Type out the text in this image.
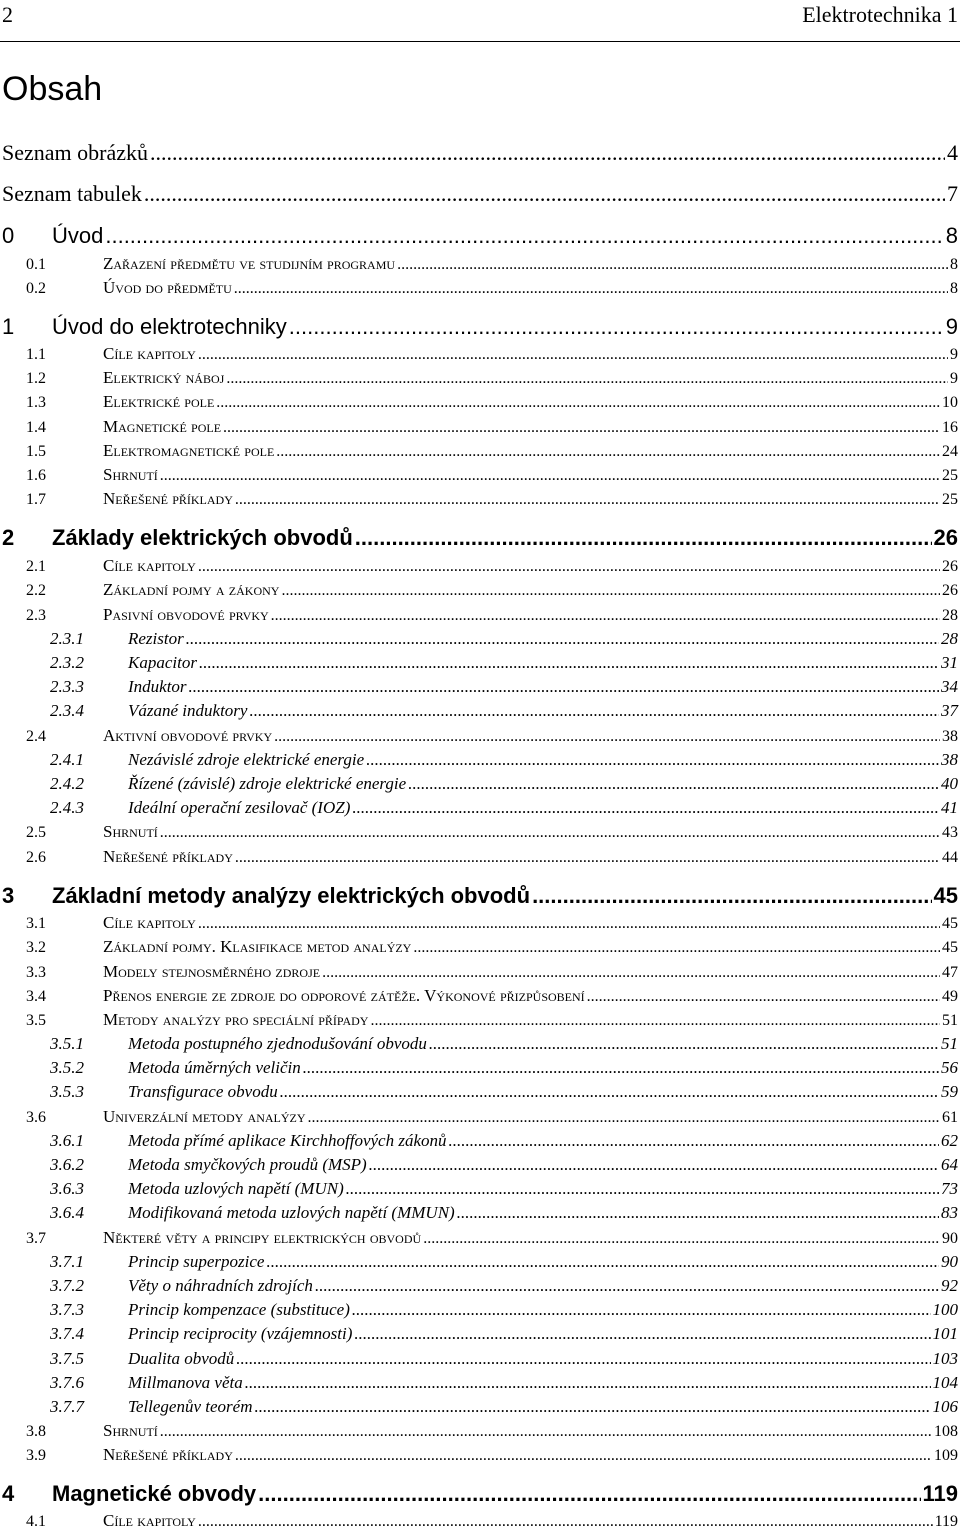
2	Elektrotechnika 1
Obsah
Seznam obrázků .....	4
Seznam tabulek .....	7
0	Úvod .....	8
0.1	Zařazení předmětu ve studijním programu .....	8
0.2	Úvod do předmětu .....	8
1	Úvod do elektrotechniky .....	9
1.1	Cíle kapitoly .....	9
1.2	Elektrický náboj .....	9
1.3	Elektrické pole .....	10
1.4	Magnetické pole .....	16
1.5	Elektromagnetické pole .....	24
1.6	Shrnutí .....	25
1.7	Neřešené příklady .....	25
2	Základy elektrických obvodů .....	26
2.1	Cíle kapitoly .....	26
2.2	Základní pojmy a zákony .....	26
2.3	Pasivní obvodové prvky .....	28
2.3.1	Rezistor .....	28
2.3.2	Kapacitor .....	31
2.3.3	Induktor .....	34
2.3.4	Vázané induktory .....	37
2.4	Aktivní obvodové prvky .....	38
2.4.1	Nezávislé zdroje elektrické energie .....	38
2.4.2	Řízené (závislé) zdroje elektrické energie .....	40
2.4.3	Ideální operační zesilovač (IOZ) .....	41
2.5	Shrnutí .....	43
2.6	Neřešené příklady .....	44
3	Základní metody analýzy elektrických obvodů .....	45
3.1	Cíle kapitoly .....	45
3.2	Základní pojmy. Klasifikace metod analýzy .....	45
3.3	Modely stejnosměrného zdroje .....	47
3.4	Přenos energie ze zdroje do odporové zátěže. Výkonové přizpůsobení .....	49
3.5	Metody analýzy pro speciální případy .....	51
3.5.1	Metoda postupného zjednodušování obvodu .....	51
3.5.2	Metoda úměrných veličin .....	56
3.5.3	Transfigurace obvodu .....	59
3.6	Univerzální metody analýzy .....	61
3.6.1	Metoda přímé aplikace Kirchhoffových zákonů .....	62
3.6.2	Metoda smyčkových proudů (MSP) .....	64
3.6.3	Metoda uzlových napětí (MUN) .....	73
3.6.4	Modifikovaná metoda uzlových napětí (MMUN) .....	83
3.7	Některé věty a principy elektrických obvodů .....	90
3.7.1	Princip superpozice .....	90
3.7.2	Věty o náhradních zdrojích .....	92
3.7.3	Princip kompenzace (substituce) .....	100
3.7.4	Princip reciprocity (vzájemnosti) .....	101
3.7.5	Dualita obvodů .....	103
3.7.6	Millmanova věta .....	104
3.7.7	Tellegenův teorém .....	106
3.8	Shrnutí .....	108
3.9	Neřešené příklady .....	109
4	Magnetické obvody .....	119
4.1	Cíle kapitoly .....	119
